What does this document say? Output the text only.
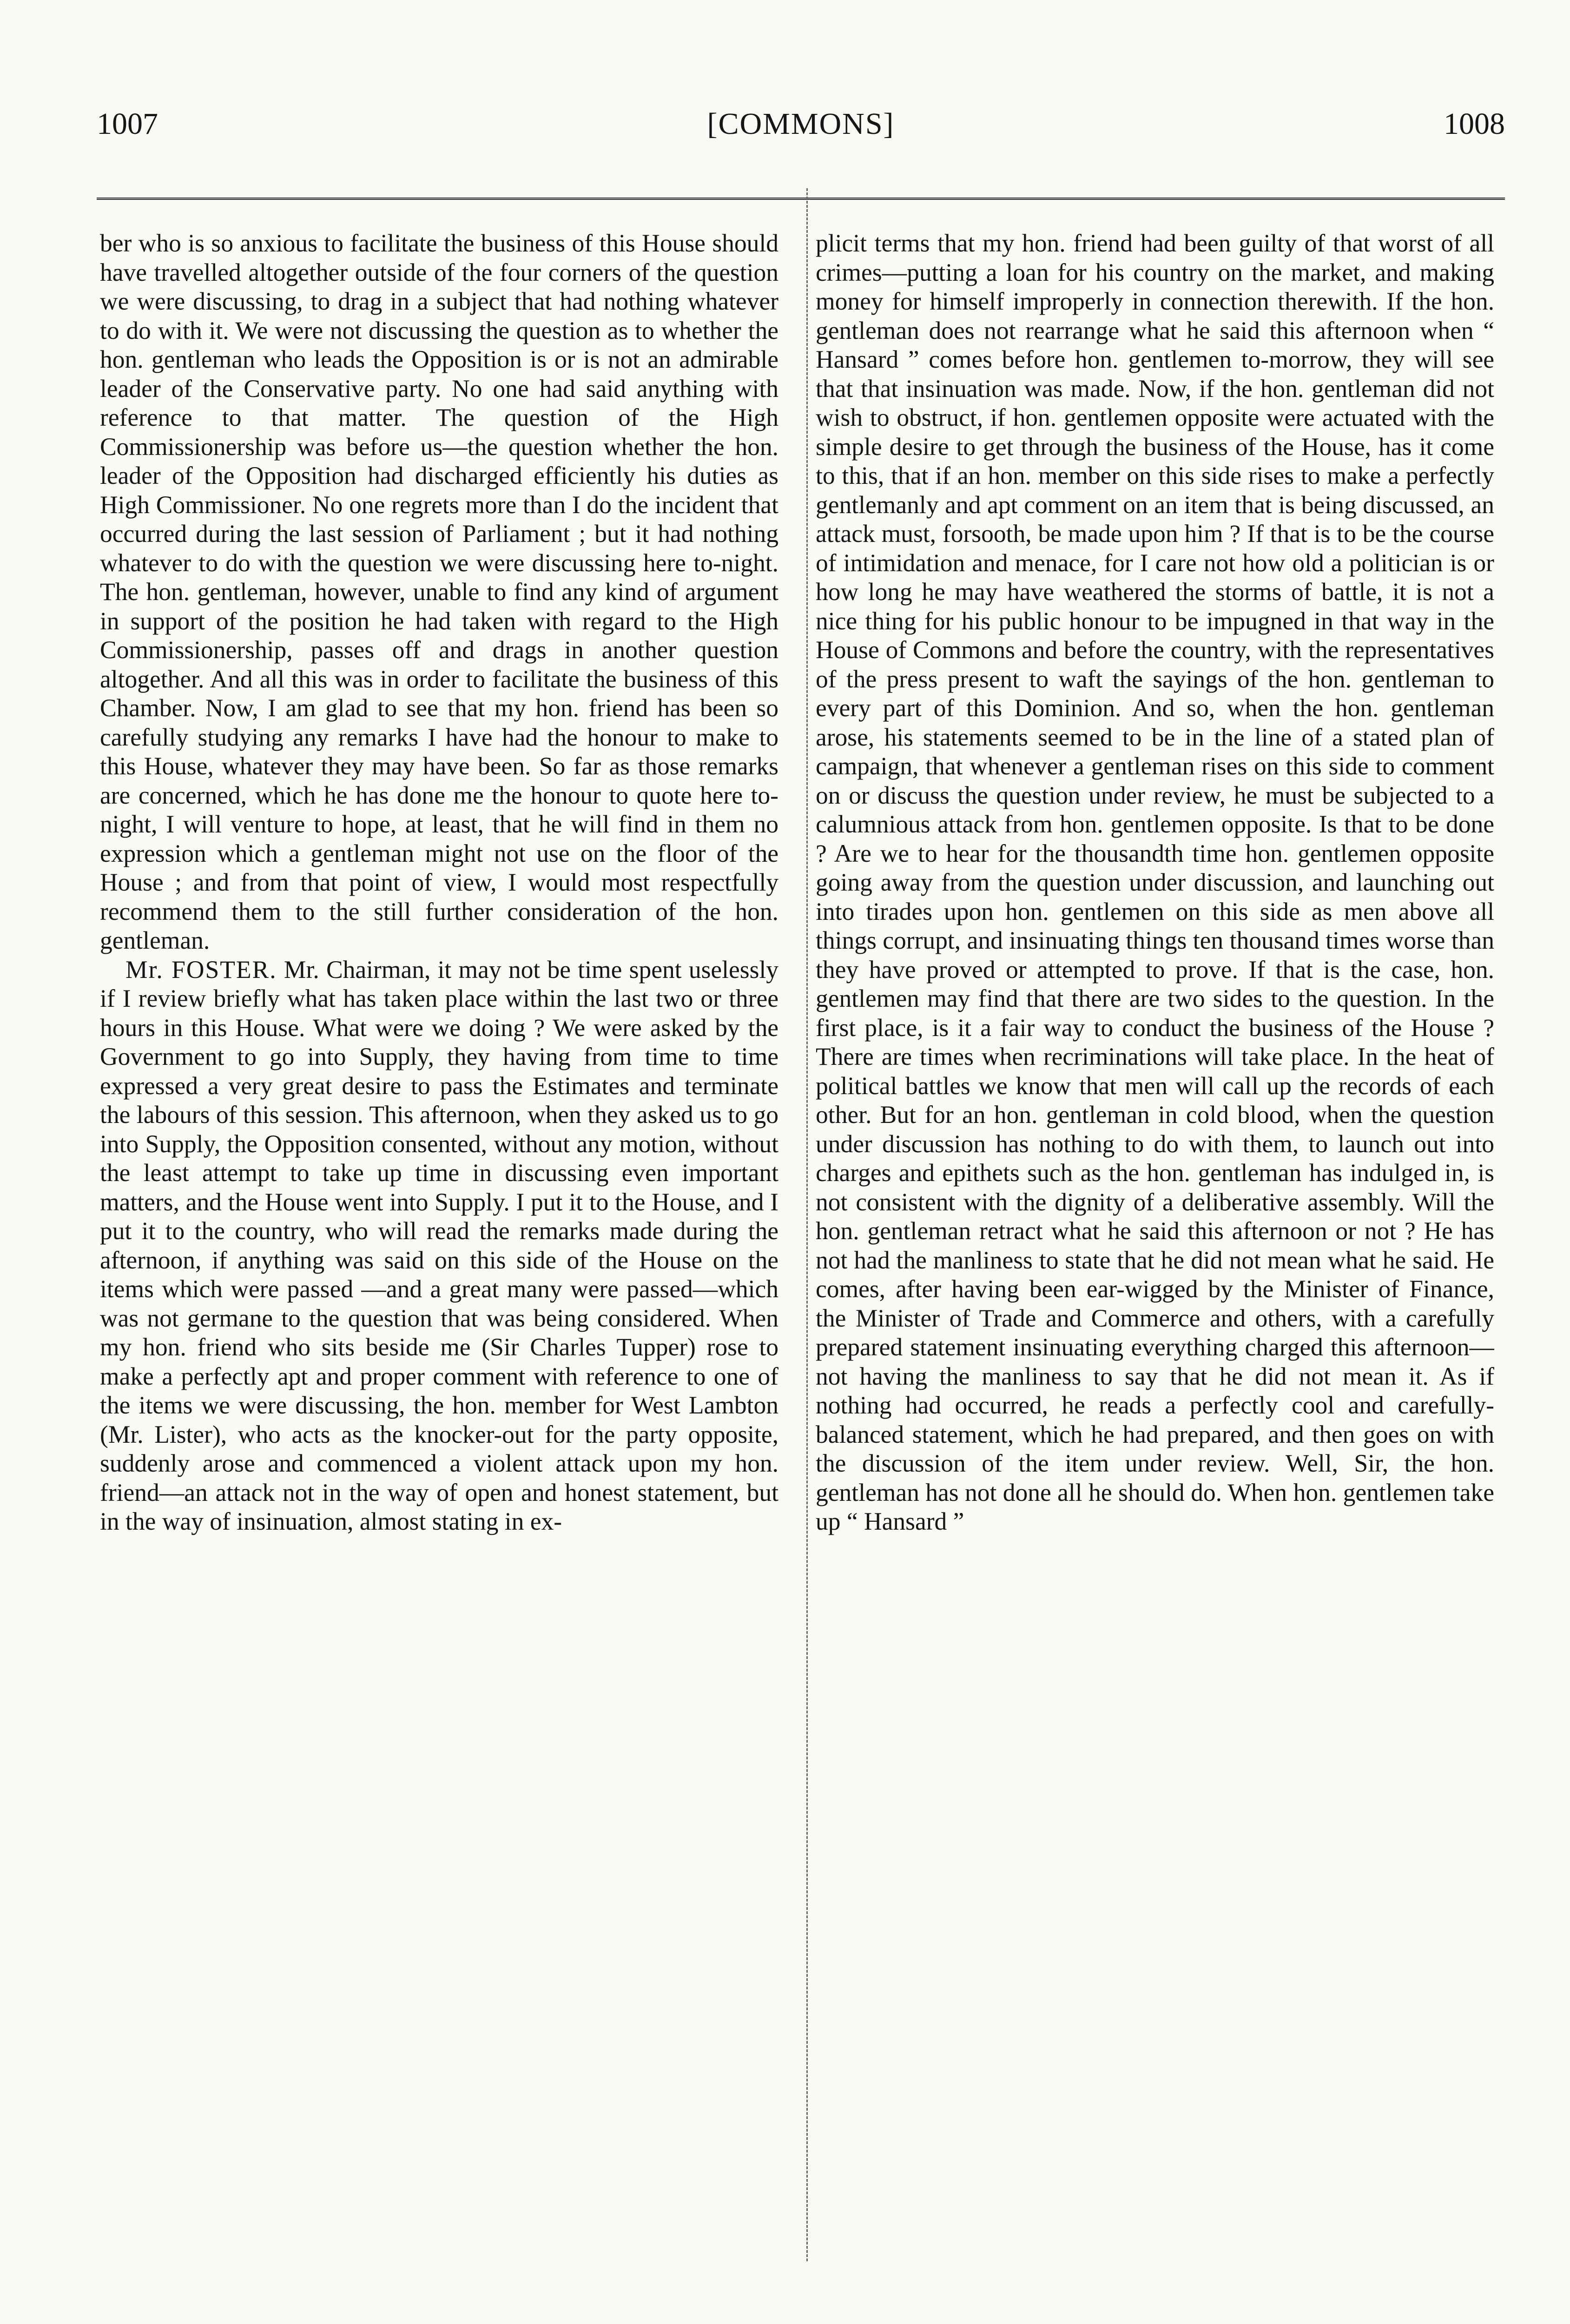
1007	[COMMONS]	1008

ber who is so anxious to facilitate the business of this House should have travelled altogether outside of the four corners of the question we were discussing, to drag in a subject that had nothing whatever to do with it. We were not discussing the question as to whether the hon. gentleman who leads the Opposition is or is not an admirable leader of the Conservative party. No one had said anything with reference to that matter. The question of the High Commissionership was before us—the question whether the hon. leader of the Opposition had discharged efficiently his duties as High Commissioner. No one regrets more than I do the incident that occurred during the last session of Parliament ; but it had nothing whatever to do with the question we were discussing here to-night. The hon. gentleman, however, unable to find any kind of argument in support of the position he had taken with regard to the High Commissionership, passes off and drags in another question altogether. And all this was in order to facilitate the business of this Chamber. Now, I am glad to see that my hon. friend has been so carefully studying any remarks I have had the honour to make to this House, whatever they may have been. So far as those remarks are concerned, which he has done me the honour to quote here to-night, I will venture to hope, at least, that he will find in them no expression which a gentleman might not use on the floor of the House ; and from that point of view, I would most respectfully recommend them to the still further consideration of the hon. gentleman.

Mr. FOSTER. Mr. Chairman, it may not be time spent uselessly if I review briefly what has taken place within the last two or three hours in this House. What were we doing ? We were asked by the Government to go into Supply, they having from time to time expressed a very great desire to pass the Estimates and terminate the labours of this session. This afternoon, when they asked us to go into Supply, the Opposition consented, without any motion, without the least attempt to take up time in discussing even important matters, and the House went into Supply. I put it to the House, and I put it to the country, who will read the remarks made during the afternoon, if anything was said on this side of the House on the items which were passed —and a great many were passed—which was not germane to the question that was being considered. When my hon. friend who sits beside me (Sir Charles Tupper) rose to make a perfectly apt and proper comment with reference to one of the items we were discussing, the hon. member for West Lambton (Mr. Lister), who acts as the knocker-out for the party opposite, suddenly arose and commenced a violent attack upon my hon. friend—an attack not in the way of open and honest statement, but in the way of insinuation, almost stating in ex-

plicit terms that my hon. friend had been guilty of that worst of all crimes—putting a loan for his country on the market, and making money for himself improperly in connection therewith. If the hon. gentleman does not rearrange what he said this afternoon when “ Hansard ” comes before hon. gentlemen to-morrow, they will see that that insinuation was made. Now, if the hon. gentleman did not wish to obstruct, if hon. gentlemen opposite were actuated with the simple desire to get through the business of the House, has it come to this, that if an hon. member on this side rises to make a perfectly gentlemanly and apt comment on an item that is being discussed, an attack must, forsooth, be made upon him ? If that is to be the course of intimidation and menace, for I care not how old a politician is or how long he may have weathered the storms of battle, it is not a nice thing for his public honour to be impugned in that way in the House of Commons and before the country, with the representatives of the press present to waft the sayings of the hon. gentleman to every part of this Dominion. And so, when the hon. gentleman arose, his statements seemed to be in the line of a stated plan of campaign, that whenever a gentleman rises on this side to comment on or discuss the question under review, he must be subjected to a calumnious attack from hon. gentlemen opposite. Is that to be done ? Are we to hear for the thousandth time hon. gentlemen opposite going away from the question under discussion, and launching out into tirades upon hon. gentlemen on this side as men above all things corrupt, and insinuating things ten thousand times worse than they have proved or attempted to prove. If that is the case, hon. gentlemen may find that there are two sides to the question. In the first place, is it a fair way to conduct the business of the House ? There are times when recriminations will take place. In the heat of political battles we know that men will call up the records of each other. But for an hon. gentleman in cold blood, when the question under discussion has nothing to do with them, to launch out into charges and epithets such as the hon. gentleman has indulged in, is not consistent with the dignity of a deliberative assembly. Will the hon. gentleman retract what he said this afternoon or not ? He has not had the manliness to state that he did not mean what he said. He comes, after having been ear-wigged by the Minister of Finance, the Minister of Trade and Commerce and others, with a carefully prepared statement insinuating everything charged this afternoon—not having the manliness to say that he did not mean it. As if nothing had occurred, he reads a perfectly cool and carefully-balanced statement, which he had prepared, and then goes on with the discussion of the item under review. Well, Sir, the hon. gentleman has not done all he should do. When hon. gentlemen take up “ Hansard ”
